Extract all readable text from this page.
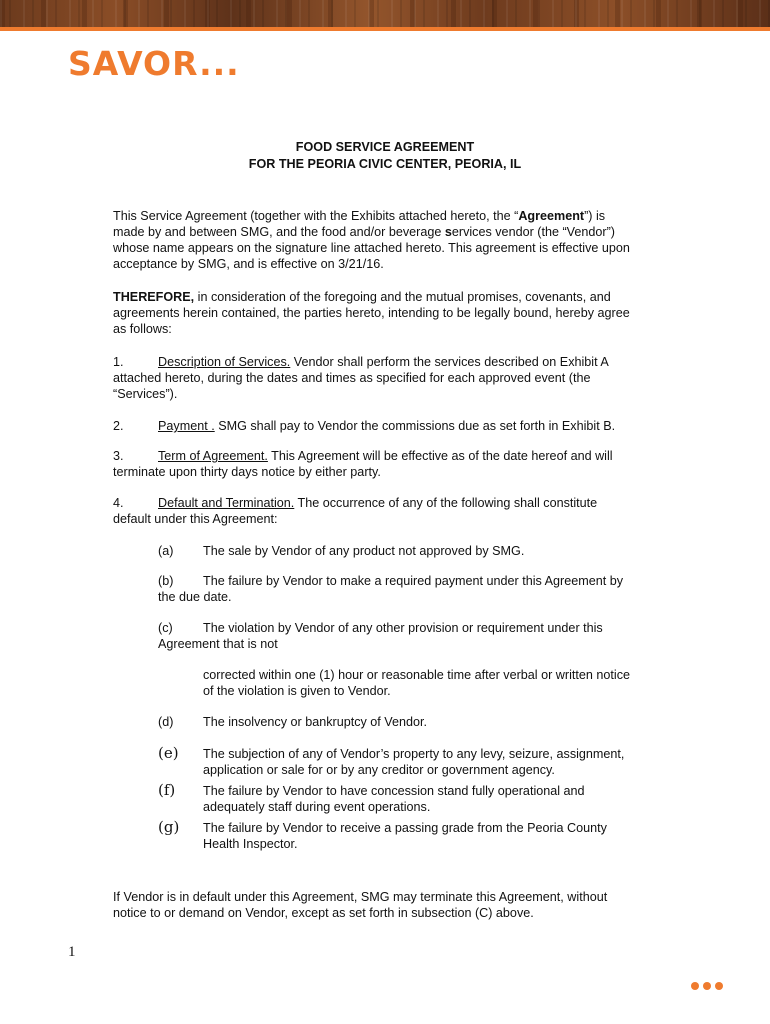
SAVOR...
FOOD SERVICE AGREEMENT
FOR THE PEORIA CIVIC CENTER, PEORIA, IL

This Service Agreement (together with the Exhibits attached hereto, the “Agreement”) is made by and between SMG, and the food and/or beverage services vendor (the “Vendor”) whose name appears on the signature line attached hereto. This agreement is effective upon acceptance by SMG, and is effective on 3/21/16.

THEREFORE, in consideration of the foregoing and the mutual promises, covenants, and agreements herein contained, the parties hereto, intending to be legally bound, hereby agree as follows:

1.	Description of Services. Vendor shall perform the services described on Exhibit A attached hereto, during the dates and times as specified for each approved event (the “Services”).

2.	Payment . SMG shall pay to Vendor the commissions due as set forth in Exhibit B.

3.	Term of Agreement. This Agreement will be effective as of the date hereof and will terminate upon thirty days notice by either party.

4.	Default and Termination. The occurrence of any of the following shall constitute default under this Agreement:

(a) The sale by Vendor of any product not approved by SMG.

(b) The failure by Vendor to make a required payment under this Agreement by the due date.

(c) The violation by Vendor of any other provision or requirement under this Agreement that is not

corrected within one (1) hour or reasonable time after verbal or written notice of the violation is given to Vendor.

(d) The insolvency or bankruptcy of Vendor.

(e) The subjection of any of Vendor’s property to any levy, seizure, assignment, application or sale for or by any creditor or government agency.
(f) The failure by Vendor to have concession stand fully operational and adequately staff during event operations.
(g) The failure by Vendor to receive a passing grade from the Peoria County Health Inspector.

If Vendor is in default under this Agreement, SMG may terminate this Agreement, without notice to or demand on Vendor, except as set forth in subsection (C) above.

1
